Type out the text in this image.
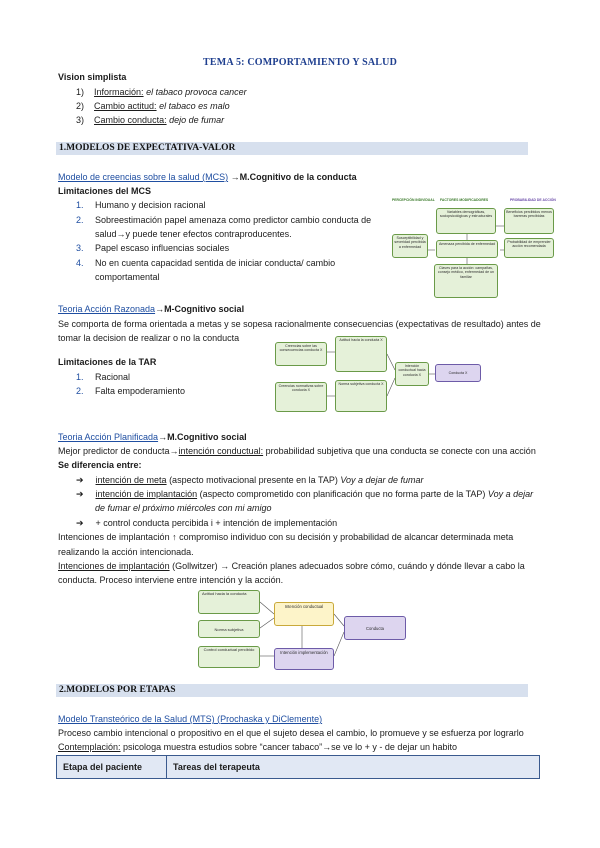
TEMA 5: COMPORTAMIENTO Y SALUD
Vision simplista
1) Información: el tabaco provoca cancer
2) Cambio actitud: el tabaco es malo
3) Cambio conducta: dejo de fumar
1.MODELOS DE EXPECTATIVA-VALOR
Modelo de creencias sobre la salud (MCS) →M.Cognitivo de la conducta
Limitaciones del MCS
1. Humano y decision racional
2. Sobreestimación papel amenaza como predictor cambio conducta de
salud→y puede tener efectos contraproducentes.
3. Papel escaso influencias sociales
4. No en cuenta capacidad sentida de iniciar conducta/ cambio
comportamental
PERCEPCIÓN INDIVIDUAL FACTORES MODIFICADORES	PROBABILIDAD DE ACCIÓN
Susceptibilidad y severidad percibida a enfermedad
Variables demográficas, sociopsicológicas y estructurales
Amenaza percibida de enfermedad
Beneficios percibidos menos barreras percibidas
Probabilidad de emprender acción recomendada
Claves para la acción: campañas, consejo médico, enfermedad de un familiar
Teoria Acción Razonada→M-Cognitivo social
Se comporta de forma orientada a metas y se sopesa racionalmente consecuencias (expectativas de resultado) antes de
tomar la decision de realizar o no la conducta
Limitaciones de la TAR
1. Racional
2. Falta empoderamiento
Creencias sobre las consecuencias conducta X
Actitud hacia la conducta X
Creencias normativas sobre conducta X
Norma subjetiva conducta X
Intención conductual hacia conducta X	Conducta X
Teoria Acción Planificada→M.Cognitivo social
Mejor predictor de conducta→intención conductual: probabilidad subjetiva que una conducta se conecte con una acción
Se diferencia entre:
➔ intención de meta (aspecto motivacional presente en la TAP) Voy a dejar de fumar
➔ intención de implantación (aspecto comprometido con planificación que no forma parte de la TAP) Voy a dejar
de fumar el próximo miércoles con mi amigo
➔ + control conducta percibida i + intención de implementación
Intenciones de implantación ↑ compromiso individuo con su decisión y probabilidad de alcancar determinada meta
realizando la acción intencionada.
Intenciones de implantación (Gollwitzer) → Creación planes adecuados sobre cómo, cuándo y dónde llevar a cabo la
conducta. Proceso interviene entre intención y la acción.
Actitud hacia la conducta
Norma subjetiva
Control conductual percibido
Intención conductual
Intención implementación
Conducta
2.MODELOS POR ETAPAS
Modelo Transteórico de la Salud (MTS) (Prochaska y DiClemente)
Proceso cambio intencional o propositivo en el que el sujeto desea el cambio, lo promueve y se esfuerza por lograrlo
Contemplación: psicologa muestra estudios sobre “cancer tabaco”→se ve lo + y - de dejar un habito
Etapa del paciente	Tareas del terapeuta
